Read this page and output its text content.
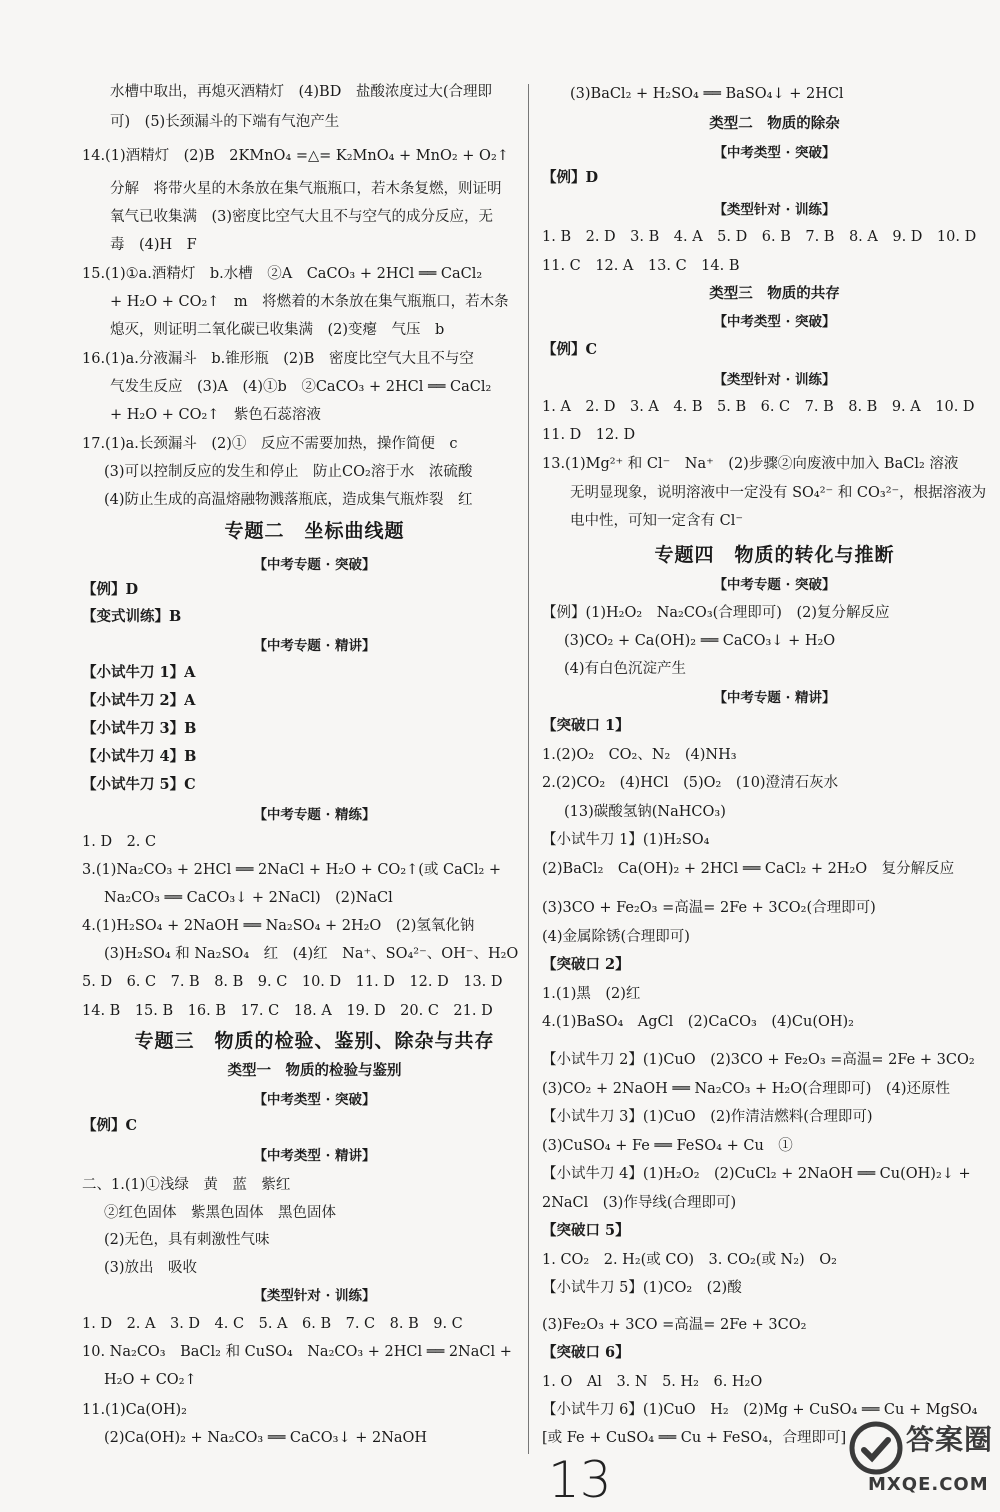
水槽中取出，再熄灭酒精灯　(4)BD　盐酸浓度过大(合理即
可)　(5)长颈漏斗的下端有气泡产生
14.(1)酒精灯　(2)B　2KMnO₄ =△= K₂MnO₄ + MnO₂ + O₂↑
分解　将带火星的木条放在集气瓶瓶口，若木条复燃，则证明
氧气已收集满　(3)密度比空气大且不与空气的成分反应，无
毒　(4)H　F
15.(1)①a.酒精灯　b.水槽　②A　CaCO₃ + 2HCl ══ CaCl₂
+ H₂O + CO₂↑　m　将燃着的木条放在集气瓶瓶口，若木条
熄灭，则证明二氧化碳已收集满　(2)变瘪　气压　b
16.(1)a.分液漏斗　b.锥形瓶　(2)B　密度比空气大且不与空
气发生反应　(3)A　(4)①b　②CaCO₃ + 2HCl ══ CaCl₂
+ H₂O + CO₂↑　紫色石蕊溶液
17.(1)a.长颈漏斗　(2)①　反应不需要加热，操作简便　c
(3)可以控制反应的发生和停止　防止CO₂溶于水　浓硫酸
(4)防止生成的高温熔融物溅落瓶底，造成集气瓶炸裂　红
专题二　坐标曲线题
【中考专题 · 突破】
【例】D
【变式训练】B
【中考专题 · 精讲】
【小试牛刀 1】A
【小试牛刀 2】A
【小试牛刀 3】B
【小试牛刀 4】B
【小试牛刀 5】C
【中考专题 · 精练】
1. D　2. C
3.(1)Na₂CO₃ + 2HCl ══ 2NaCl + H₂O + CO₂↑(或 CaCl₂ +
Na₂CO₃ ══ CaCO₃↓ + 2NaCl)　(2)NaCl
4.(1)H₂SO₄ + 2NaOH ══ Na₂SO₄ + 2H₂O　(2)氢氧化钠
(3)H₂SO₄ 和 Na₂SO₄　红　(4)红　Na⁺、SO₄²⁻、OH⁻、H₂O
5. D　6. C　7. B　8. B　9. C　10. D　11. D　12. D　13. D
14. B　15. B　16. B　17. C　18. A　19. D　20. C　21. D
专题三　物质的检验、鉴别、除杂与共存
类型一　物质的检验与鉴别
【中考类型 · 突破】
【例】C
【中考类型 · 精讲】
二、1.(1)①浅绿　黄　蓝　紫红
②红色固体　紫黑色固体　黑色固体
(2)无色，具有刺激性气味
(3)放出　吸收
【类型针对 · 训练】
1. D　2. A　3. D　4. C　5. A　6. B　7. C　8. B　9. C
10. Na₂CO₃　BaCl₂ 和 CuSO₄　Na₂CO₃ + 2HCl ══ 2NaCl +
H₂O + CO₂↑
11.(1)Ca(OH)₂
(2)Ca(OH)₂ + Na₂CO₃ ══ CaCO₃↓ + 2NaOH
(3)BaCl₂ + H₂SO₄ ══ BaSO₄↓ + 2HCl
类型二　物质的除杂
【中考类型 · 突破】
【例】D
【类型针对 · 训练】
1. B　2. D　3. B　4. A　5. D　6. B　7. B　8. A　9. D　10. D
11. C　12. A　13. C　14. B
类型三　物质的共存
【中考类型 · 突破】
【例】C
【类型针对 · 训练】
1. A　2. D　3. A　4. B　5. B　6. C　7. B　8. B　9. A　10. D
11. D　12. D
13.(1)Mg²⁺ 和 Cl⁻　Na⁺　(2)步骤②向废液中加入 BaCl₂ 溶液
无明显现象，说明溶液中一定没有 SO₄²⁻ 和 CO₃²⁻，根据溶液为
电中性，可知一定含有 Cl⁻
专题四　物质的转化与推断
【中考专题 · 突破】
【例】(1)H₂O₂　Na₂CO₃(合理即可)　(2)复分解反应
(3)CO₂ + Ca(OH)₂ ══ CaCO₃↓ + H₂O
(4)有白色沉淀产生
【中考专题 · 精讲】
【突破口 1】
1.(2)O₂　CO₂、N₂　(4)NH₃
2.(2)CO₂　(4)HCl　(5)O₂　(10)澄清石灰水
(13)碳酸氢钠(NaHCO₃)
【小试牛刀 1】(1)H₂SO₄
(2)BaCl₂　Ca(OH)₂ + 2HCl ══ CaCl₂ + 2H₂O　复分解反应
(3)3CO + Fe₂O₃ =高温= 2Fe + 3CO₂(合理即可)
(4)金属除锈(合理即可)
【突破口 2】
1.(1)黑　(2)红
4.(1)BaSO₄　AgCl　(2)CaCO₃　(4)Cu(OH)₂
【小试牛刀 2】(1)CuO　(2)3CO + Fe₂O₃ =高温= 2Fe + 3CO₂
(3)CO₂ + 2NaOH ══ Na₂CO₃ + H₂O(合理即可)　(4)还原性
【小试牛刀 3】(1)CuO　(2)作清洁燃料(合理即可)
(3)CuSO₄ + Fe ══ FeSO₄ + Cu　①
【小试牛刀 4】(1)H₂O₂　(2)CuCl₂ + 2NaOH ══ Cu(OH)₂↓ +
2NaCl　(3)作导线(合理即可)
【突破口 5】
1. CO₂　2. H₂(或 CO)　3. CO₂(或 N₂)　O₂
【小试牛刀 5】(1)CO₂　(2)酸
(3)Fe₂O₃ + 3CO =高温= 2Fe + 3CO₂
【突破口 6】
1. O　Al　3. N　5. H₂　6. H₂O
【小试牛刀 6】(1)CuO　H₂　(2)Mg + CuSO₄ ══ Cu + MgSO₄
[或 Fe + CuSO₄ ══ Cu + FeSO₄，合理即可]
13
答案圈
MXQE.COM
